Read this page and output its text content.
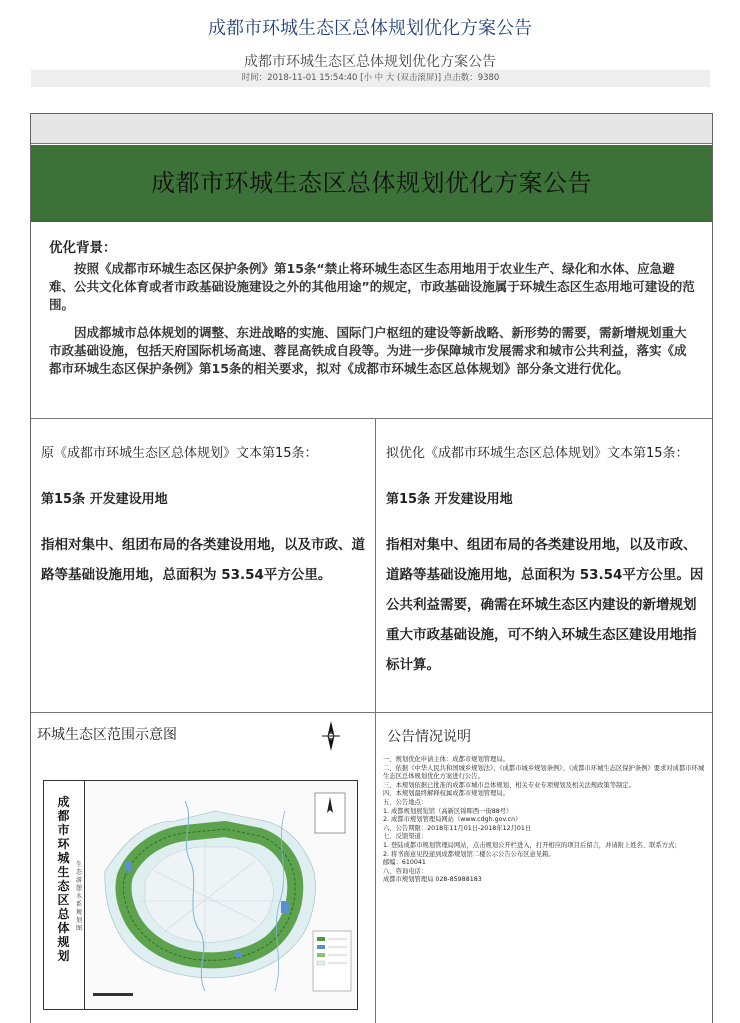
成都市环城生态区总体规划优化方案公告
成都市环城生态区总体规划优化方案公告
时间：2018-11-01 15:54:40 [小 中 大 (双击滚屏)] 点击数：9380
成都市环城生态区总体规划优化方案公告
优化背景：
按照《成都市环城生态区保护条例》第15条“禁止将环城生态区生态用地用于农业生产、绿化和水体、应急避难、公共文化体育或者市政基础设施建设之外的其他用途”的规定，市政基础设施属于环城生态区生态用地可建设的范围。
因成都城市总体规划的调整、东进战略的实施、国际门户枢纽的建设等新战略、新形势的需要，需新增规划重大市政基础设施，包括天府国际机场高速、蓉昆高铁成自段等。为进一步保障城市发展需求和城市公共利益，落实《成都市环城生态区保护条例》第15条的相关要求，拟对《成都市环城生态区总体规划》部分条文进行优化。
原《成都市环城生态区总体规划》文本第15条：
第15条 开发建设用地
指相对集中、组团布局的各类建设用地，以及市政、道路等基础设施用地，总面积为 53.54平方公里。
拟优化《成都市环城生态区总体规划》文本第15条：
第15条 开发建设用地
指相对集中、组团布局的各类建设用地，以及市政、道路等基础设施用地，总面积为 53.54平方公里。因公共利益需要，确需在环城生态区内建设的新增规划重大市政基础设施，可不纳入环城生态区建设用地指标计算。
环城生态区范围示意图	公告情况说明
成都市环城生态区总体规划
生态游憩水系规划图
一、规划优化申请主体：成都市规划管理局。
二、依据《中华人民共和国城乡规划法》、《成都市城乡规划条例》、《成都市环城生态区保护条例》要求对成都市环城生态区总体规划优化方案进行公告。
三、本规划依据已批准的成都市城市总体规划、相关专业专项规划及相关法规政策等制定。
四、本规划最终解释权属成都市规划管理局。
五、公告地点：
1. 成都规划展览馆（高新区锦晖西一街88号）
2. 成都市规划管理局网站（www.cdgh.gov.cn）
六、公告期限：2018年11月01日-2018年12月01日
七、反馈渠道：
1. 登陆成都市规划管理局网站，点击规划公开栏进入，打开相应的项目后留言，并请附上姓名、联系方式；
2. 将书面意见投递到成都规划馆二楼公示公告公布区意见箱。
邮编：610041
八、咨询电话：
成都市规划管理局 028-85988183
